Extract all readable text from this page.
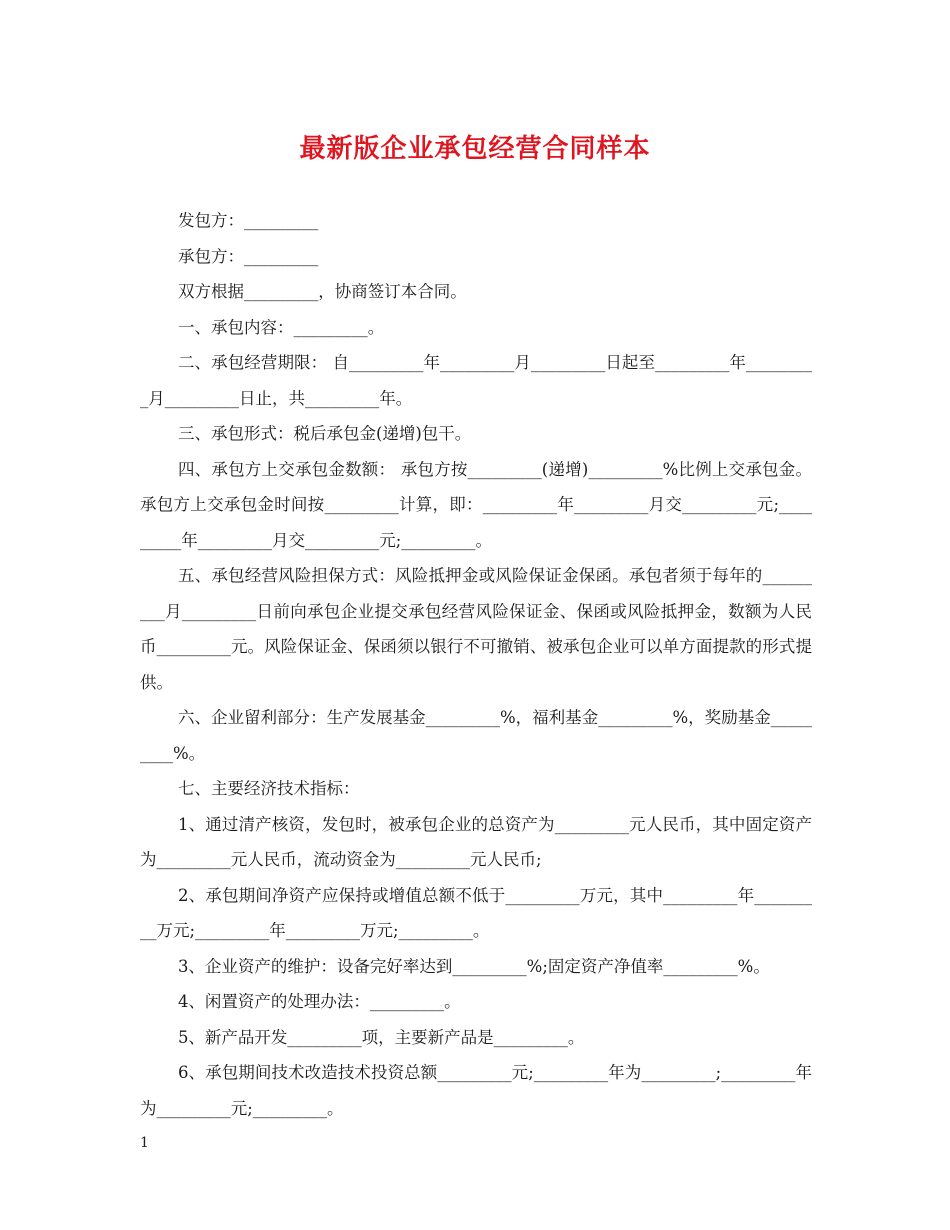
最新版企业承包经营合同样本

发包方：_________

承包方：_________

双方根据_________，协商签订本合同。

一、承包内容：_________。

二、承包经营期限： 自_________年_________月_________日起至_________年_________月_________日止，共_________年。

三、承包形式：税后承包金(递增)包干。

四、承包方上交承包金数额： 承包方按_________(递增)_________%比例上交承包金。承包方上交承包金时间按_________计算，即：_________年_________月交_________元;_________年_________月交_________元;_________。

五、承包经营风险担保方式：风险抵押金或风险保证金保函。承包者须于每年的_________月_________日前向承包企业提交承包经营风险保证金、保函或风险抵押金，数额为人民币_________元。风险保证金、保函须以银行不可撤销、被承包企业可以单方面提款的形式提供。

六、企业留利部分：生产发展基金_________%，福利基金_________%，奖励基金_________%。

七、主要经济技术指标：

1、通过清产核资，发包时，被承包企业的总资产为_________元人民币，其中固定资产为_________元人民币，流动资金为_________元人民币;

2、承包期间净资产应保持或增值总额不低于_________万元，其中_________年_________万元;_________年_________万元;_________。

3、企业资产的维护：设备完好率达到_________%;固定资产净值率_________%。

4、闲置资产的处理办法：_________。

5、新产品开发_________项，主要新产品是_________。

6、承包期间技术改造技术投资总额_________元;_________年为_________;_________年为_________元;_________。

1
